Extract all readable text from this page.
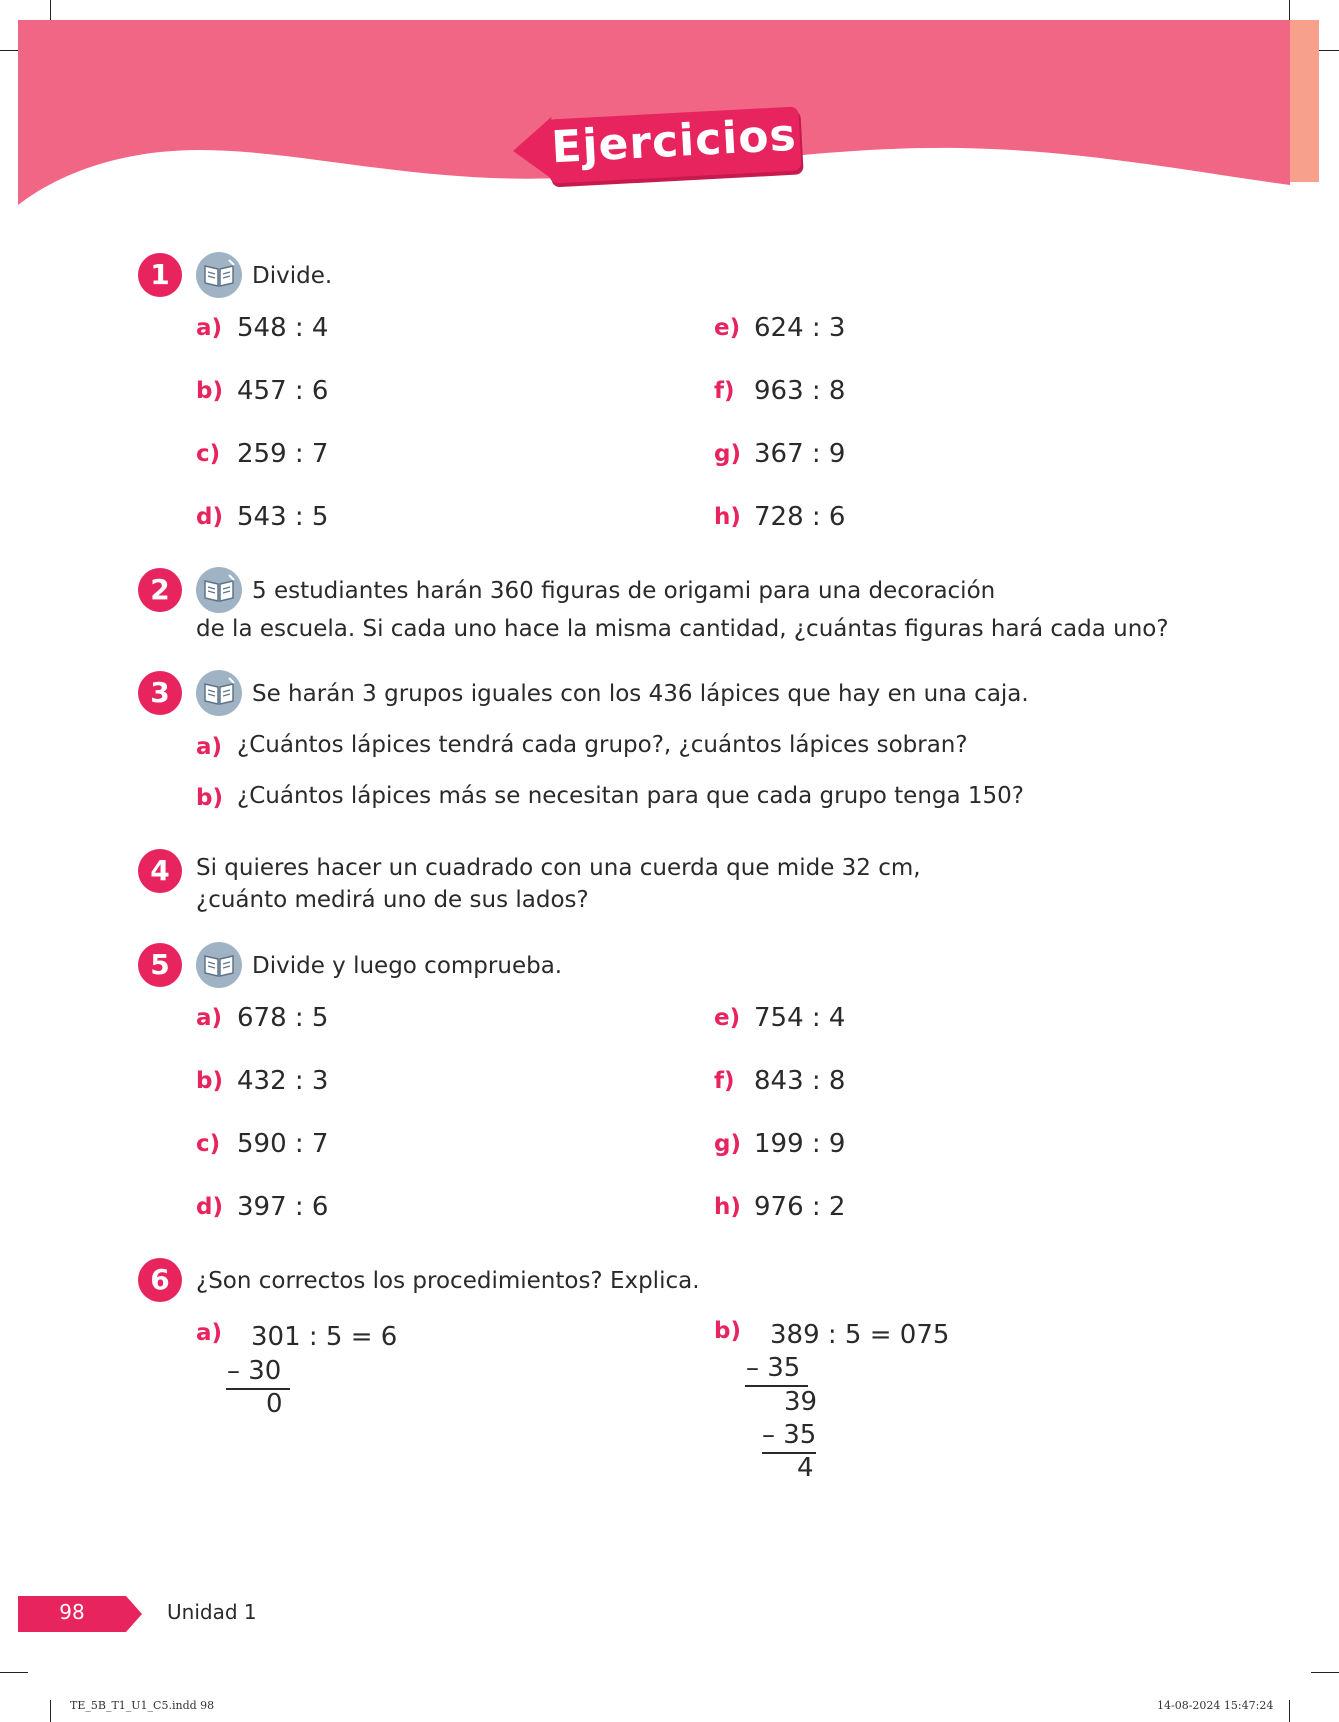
Ejercicios
1	Divide.
a) 548 : 4
b) 457 : 6
c) 259 : 7
d) 543 : 5
e) 624 : 3
f) 963 : 8
g) 367 : 9
h) 728 : 6
2	5 estudiantes harán 360 figuras de origami para una decoración
de la escuela. Si cada uno hace la misma cantidad, ¿cuántas figuras hará cada uno?
3	Se harán 3 grupos iguales con los 436 lápices que hay en una caja.
a) ¿Cuántos lápices tendrá cada grupo?, ¿cuántos lápices sobran?
b) ¿Cuántos lápices más se necesitan para que cada grupo tenga 150?
4	Si quieres hacer un cuadrado con una cuerda que mide 32 cm,
¿cuánto medirá uno de sus lados?
5	Divide y luego comprueba.
a) 678 : 5
b) 432 : 3
c) 590 : 7
d) 397 : 6
e) 754 : 4
f) 843 : 8
g) 199 : 9
h) 976 : 2
6	¿Son correctos los procedimientos? Explica.
a) 301 : 5 = 6
– 30
0
b) 389 : 5 = 075
– 35
39
– 35
4
98	Unidad 1
TE_5B_T1_U1_C5.indd 98	14-08-2024 15:47:24
